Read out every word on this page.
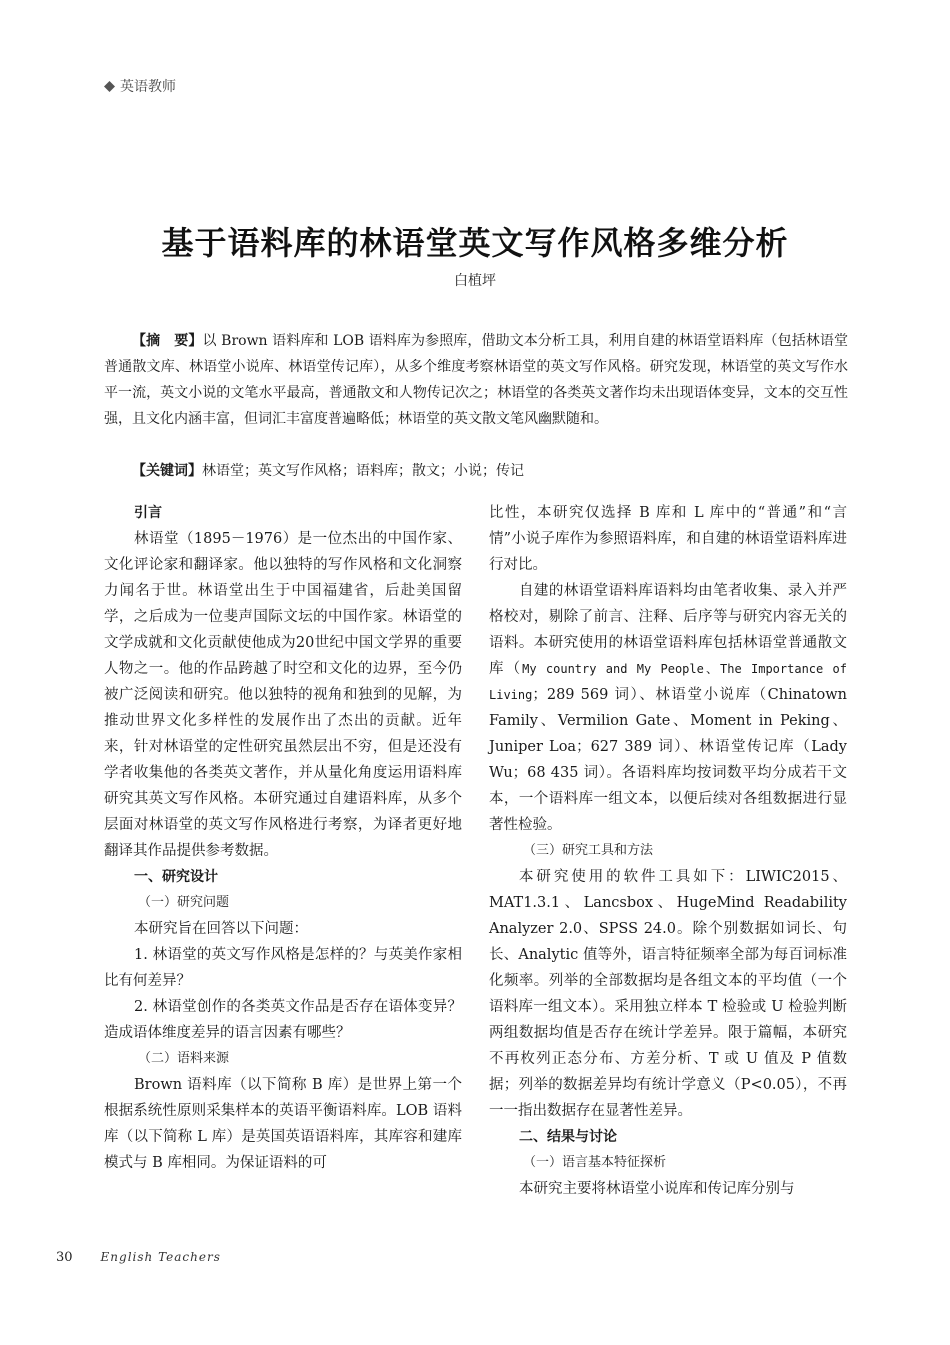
英语教师
基于语料库的林语堂英文写作风格多维分析
白植坪
【摘　要】以 Brown 语料库和 LOB 语料库为参照库，借助文本分析工具，利用自建的林语堂语料库（包括林语堂普通散文库、林语堂小说库、林语堂传记库），从多个维度考察林语堂的英文写作风格。研究发现，林语堂的英文写作水平一流，英文小说的文笔水平最高，普通散文和人物传记次之；林语堂的各类英文著作均未出现语体变异，文本的交互性强，且文化内涵丰富，但词汇丰富度普遍略低；林语堂的英文散文笔风幽默随和。
【关键词】林语堂；英文写作风格；语料库；散文；小说；传记
引言

林语堂（1895－1976）是一位杰出的中国作家、文化评论家和翻译家。他以独特的写作风格和文化洞察力闻名于世。林语堂出生于中国福建省，后赴美国留学，之后成为一位斐声国际文坛的中国作家。林语堂的文学成就和文化贡献使他成为20世纪中国文学界的重要人物之一。他的作品跨越了时空和文化的边界，至今仍被广泛阅读和研究。他以独特的视角和独到的见解，为推动世界文化多样性的发展作出了杰出的贡献。近年来，针对林语堂的定性研究虽然层出不穷，但是还没有学者收集他的各类英文著作，并从量化角度运用语料库研究其英文写作风格。本研究通过自建语料库，从多个层面对林语堂的英文写作风格进行考察，为译者更好地翻译其作品提供参考数据。

一、研究设计
（一）研究问题

本研究旨在回答以下问题：

1. 林语堂的英文写作风格是怎样的？与英美作家相比有何差异？

2. 林语堂创作的各类英文作品是否存在语体变异？造成语体维度差异的语言因素有哪些？

（二）语料来源

Brown 语料库（以下简称 B 库）是世界上第一个根据系统性原则采集样本的英语平衡语料库。LOB 语料库（以下简称 L 库）是英国英语语料库，其库容和建库模式与 B 库相同。为保证语料的可

比性，本研究仅选择 B 库和 L 库中的“普通”和“言情”小说子库作为参照语料库，和自建的林语堂语料库进行对比。

自建的林语堂语料库语料均由笔者收集、录入并严格校对，剔除了前言、注释、后序等与研究内容无关的语料。本研究使用的林语堂语料库包括林语堂普通散文库（My country and My People、The Importance of Living；289 569 词）、林语堂小说库（Chinatown Family、Vermilion Gate、Moment in Peking、Juniper Loa；627 389 词）、林语堂传记库（Lady Wu；68 435 词）。各语料库均按词数平均分成若干文本，一个语料库一组文本，以便后续对各组数据进行显著性检验。

（三）研究工具和方法

本研究使用的软件工具如下：LIWIC2015、MAT1.3.1、Lancsbox、HugeMind Readability Analyzer 2.0、SPSS 24.0。除个别数据如词长、句长、Analytic 值等外，语言特征频率全部为每百词标准化频率。列举的全部数据均是各组文本的平均值（一个语料库一组文本）。采用独立样本 T 检验或 U 检验判断两组数据均值是否存在统计学差异。限于篇幅，本研究不再枚列正态分布、方差分析、T 或 U 值及 P 值数据；列举的数据差异均有统计学意义（P<0.05），不再一一指出数据存在显著性差异。

二、结果与讨论
（一）语言基本特征探析

本研究主要将林语堂小说库和传记库分别与

30 English Teachers
